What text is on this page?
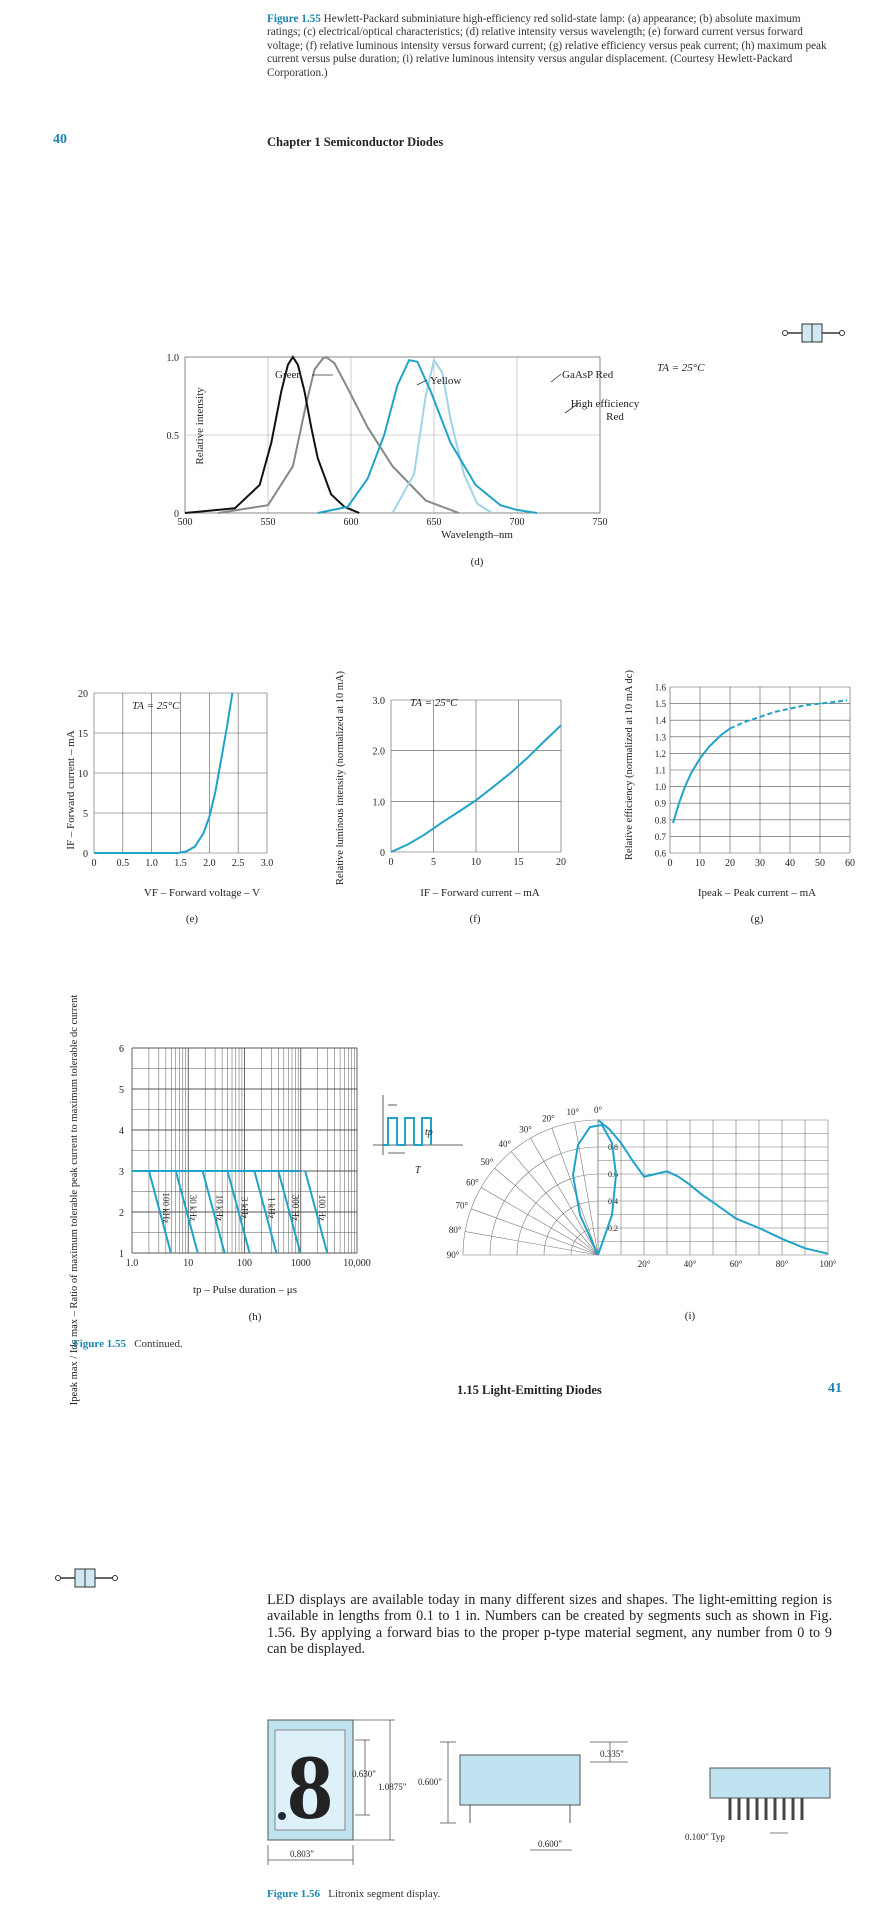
Figure 1.55 Hewlett-Packard subminiature high-efficiency red solid-state lamp: (a) appearance; (b) absolute maximum ratings; (c) electrical/optical characteristics; (d) relative intensity versus wavelength; (e) forward current versus forward voltage; (f) relative luminous intensity versus forward current; (g) relative efficiency versus peak current; (h) maximum peak current versus pulse duration; (i) relative luminous intensity versus angular displacement. (Courtesy Hewlett-Packard Corporation.)
40	Chapter 1 Semiconductor Diodes
500	550	600	650	700	750
0
0.5
1.0
Relative intensity
Wavelength–nm
(d)
TA = 25°C
Green	Yellow	GaAsP Red
High efficiency
Red
0 0.5 1.0 1.5 2.0 2.5 3.0
0
5
10
15
20
IF – Forward current – mA
VF – Forward voltage – V
(e)
TA = 25°C
0	5	10	15	20
0
1.0
2.0
3.0
Relative luminous intensity (normalized at 10 mA)
IF – Forward current – mA
(f)
TA = 25°C
0 10 20 30 40 50 60
0.6
0.7
0.8
0.9
1.0
1.1
1.2
1.3
1.4
1.5
1.6
Relative efficiency (normalized at 10 mA dc)
Ipeak – Peak current – mA
(g)
1.0	10	100	1000	10,000
1
2
3
4
5
6
100 kHz 30 kHz 10 kHz 3 kHz 1 kHz 300 Hz 100 Hz
Ipeak max / Idc max – Ratio of maximum tolerable peak current to maximum tolerable dc current	tp – Pulse duration – μs
(h)
tp
T
0°
10°
20°
30°
40°
50°
60°
70°
80°
90°
20°	40°	60°	80°	100°
0.2
0.4
0.6
0.8
(i)
Figure 1.55 Continued.
1.15 Light-Emitting Diodes	41
LED displays are available today in many different sizes and shapes. The light-emitting region is available in lengths from 0.1 to 1 in. Numbers can be created by segments such as shown in Fig. 1.56. By applying a forward bias to the proper p-type material segment, any number from 0 to 9 can be displayed.
8 0.630"
1.0875"
0.803"
0.600"
0.600"
0.335"
0.100" Typ
Figure 1.56 Litronix segment display.
